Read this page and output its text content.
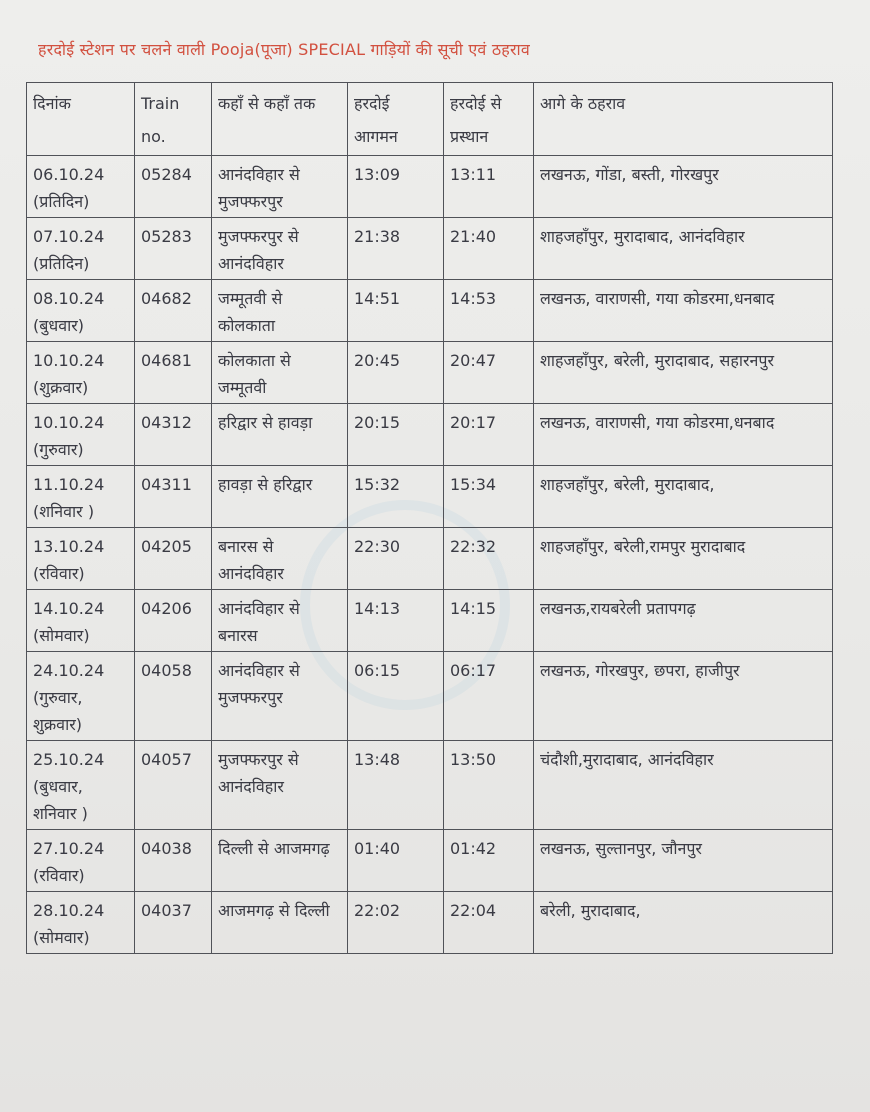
हरदोई स्टेशन पर चलने वाली Pooja(पूजा) SPECIAL गाड़ियों की सूची एवं ठहराव
दिनांक	Train no.	कहाँ से कहाँ तक	हरदोई आगमन	हरदोई से प्रस्थान	आगे के ठहराव

06.10.24
(प्रतिदिन)	05284	आनंदविहार से मुजफ्फरपुर	13:09	13:11	लखनऊ, गोंडा, बस्ती, गोरखपुर

07.10.24
(प्रतिदिन)	05283	मुजफ्फरपुर से आनंदविहार	21:38	21:40	शाहजहाँपुर, मुरादाबाद, आनंदविहार

08.10.24
(बुधवार)	04682	जम्मूतवी से कोलकाता	14:51	14:53	लखनऊ, वाराणसी, गया कोडरमा,धनबाद

10.10.24
(शुक्रवार)	04681	कोलकाता से जम्मूतवी	20:45	20:47	शाहजहाँपुर, बरेली, मुरादाबाद, सहारनपुर

10.10.24
(गुरुवार)	04312	हरिद्वार से हावड़ा	20:15	20:17	लखनऊ, वाराणसी, गया कोडरमा,धनबाद

11.10.24
(शनिवार )	04311	हावड़ा से हरिद्वार	15:32	15:34	शाहजहाँपुर, बरेली, मुरादाबाद,

13.10.24
(रविवार)	04205	बनारस से आनंदविहार	22:30	22:32	शाहजहाँपुर, बरेली,रामपुर मुरादाबाद

14.10.24
(सोमवार)	04206	आनंदविहार से बनारस	14:13	14:15	लखनऊ,रायबरेली प्रतापगढ़

24.10.24
(गुरुवार, शुक्रवार)	04058	आनंदविहार से मुजफ्फरपुर	06:15	06:17	लखनऊ, गोरखपुर, छपरा, हाजीपुर

25.10.24
(बुधवार, शनिवार )	04057	मुजफ्फरपुर से आनंदविहार	13:48	13:50	चंदौशी,मुरादाबाद, आनंदविहार

27.10.24
(रविवार)	04038	दिल्ली से आजमगढ़	01:40	01:42	लखनऊ, सुल्तानपुर, जौनपुर

28.10.24
(सोमवार)	04037	आजमगढ़ से दिल्ली	22:02	22:04	बरेली, मुरादाबाद,
